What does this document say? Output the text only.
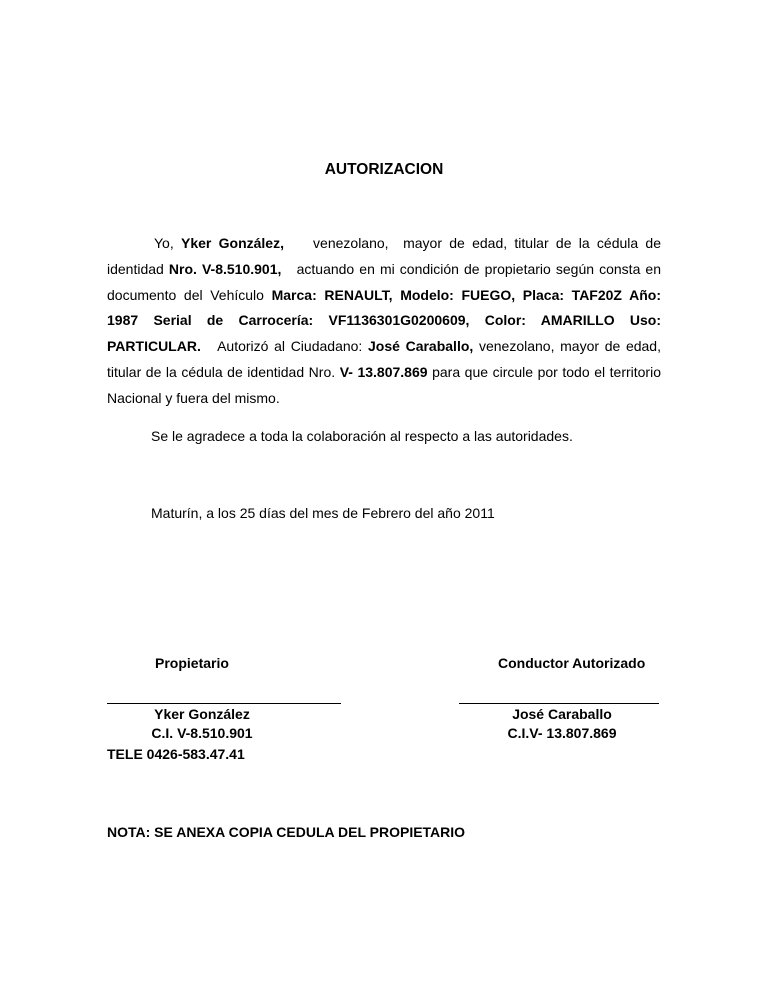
AUTORIZACION

Yo, Yker González,    venezolano,  mayor de edad, titular de la cédula de identidad Nro. V-8.510.901,   actuando en mi condición de propietario según consta en documento del Vehículo Marca: RENAULT, Modelo: FUEGO, Placa: TAF20Z Año: 1987 Serial de Carrocería: VF1136301G0200609, Color: AMARILLO Uso: PARTICULAR.   Autorizó al Ciudadano: José Caraballo, venezolano, mayor de edad, titular de la cédula de identidad Nro. V- 13.807.869 para que circule por todo el territorio Nacional y fuera del mismo.

Se le agradece a toda la colaboración al respecto a las autoridades.

Maturín, a los 25 días del mes de Febrero del año 2011

Propietario
Yker González
C.I. V-8.510.901
TELE 0426-583.47.41
Conductor Autorizado
José Caraballo
C.I.V- 13.807.869
NOTA: SE ANEXA COPIA CEDULA DEL PROPIETARIO
